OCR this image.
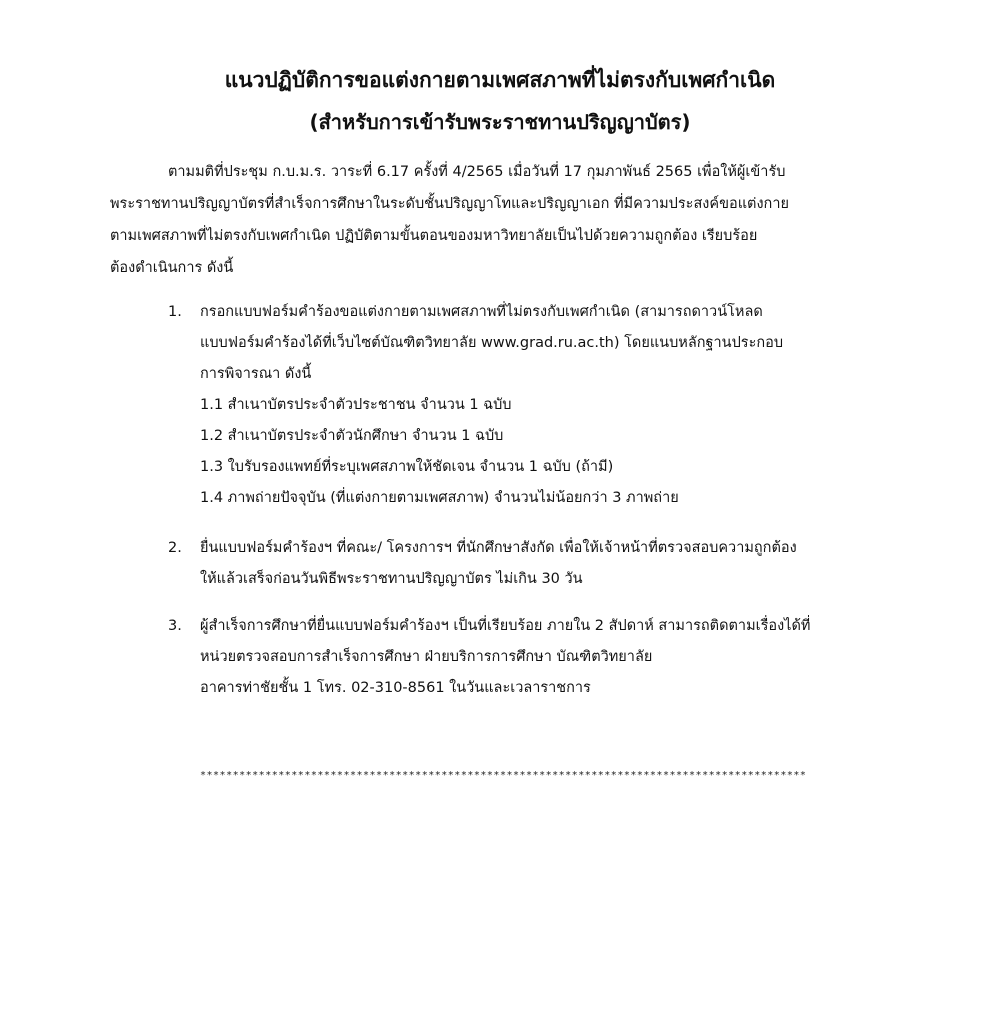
แนวปฏิบัติการขอแต่งกายตามเพศสภาพที่ไม่ตรงกับเพศกำเนิด
(สำหรับการเข้ารับพระราชทานปริญญาบัตร)
ตามมติที่ประชุม ก.บ.ม.ร. วาระที่ 6.17 ครั้งที่ 4/2565 เมื่อวันที่ 17 กุมภาพันธ์ 2565 เพื่อให้ผู้เข้ารับ
พระราชทานปริญญาบัตรที่สำเร็จการศึกษาในระดับชั้นปริญญาโทและปริญญาเอก ที่มีความประสงค์ขอแต่งกาย
ตามเพศสภาพที่ไม่ตรงกับเพศกำเนิด ปฏิบัติตามขั้นตอนของมหาวิทยาลัยเป็นไปด้วยความถูกต้อง เรียบร้อย
ต้องดำเนินการ ดังนี้
1.	กรอกแบบฟอร์มคำร้องขอแต่งกายตามเพศสภาพที่ไม่ตรงกับเพศกำเนิด (สามารถดาวน์โหลด
แบบฟอร์มคำร้องได้ที่เว็บไซต์บัณฑิตวิทยาลัย www.grad.ru.ac.th) โดยแนบหลักฐานประกอบ
การพิจารณา ดังนี้
1.1 สำเนาบัตรประจำตัวประชาชน จำนวน 1 ฉบับ
1.2 สำเนาบัตรประจำตัวนักศึกษา จำนวน 1 ฉบับ
1.3 ใบรับรองแพทย์ที่ระบุเพศสภาพให้ชัดเจน จำนวน 1 ฉบับ (ถ้ามี)
1.4 ภาพถ่ายปัจจุบัน (ที่แต่งกายตามเพศสภาพ) จำนวนไม่น้อยกว่า 3 ภาพถ่าย
2.	ยื่นแบบฟอร์มคำร้องฯ ที่คณะ/ โครงการฯ ที่นักศึกษาสังกัด เพื่อให้เจ้าหน้าที่ตรวจสอบความถูกต้อง
ให้แล้วเสร็จก่อนวันพิธีพระราชทานปริญญาบัตร ไม่เกิน 30 วัน
3.	ผู้สำเร็จการศึกษาที่ยื่นแบบฟอร์มคำร้องฯ เป็นที่เรียบร้อย ภายใน 2 สัปดาห์ สามารถติดตามเรื่องได้ที่
หน่วยตรวจสอบการสำเร็จการศึกษา ฝ่ายบริการการศึกษา บัณฑิตวิทยาลัย
อาคารท่าชัยชั้น 1 โทร. 02-310-8561 ในวันและเวลาราชการ
*********************************************************************************************
